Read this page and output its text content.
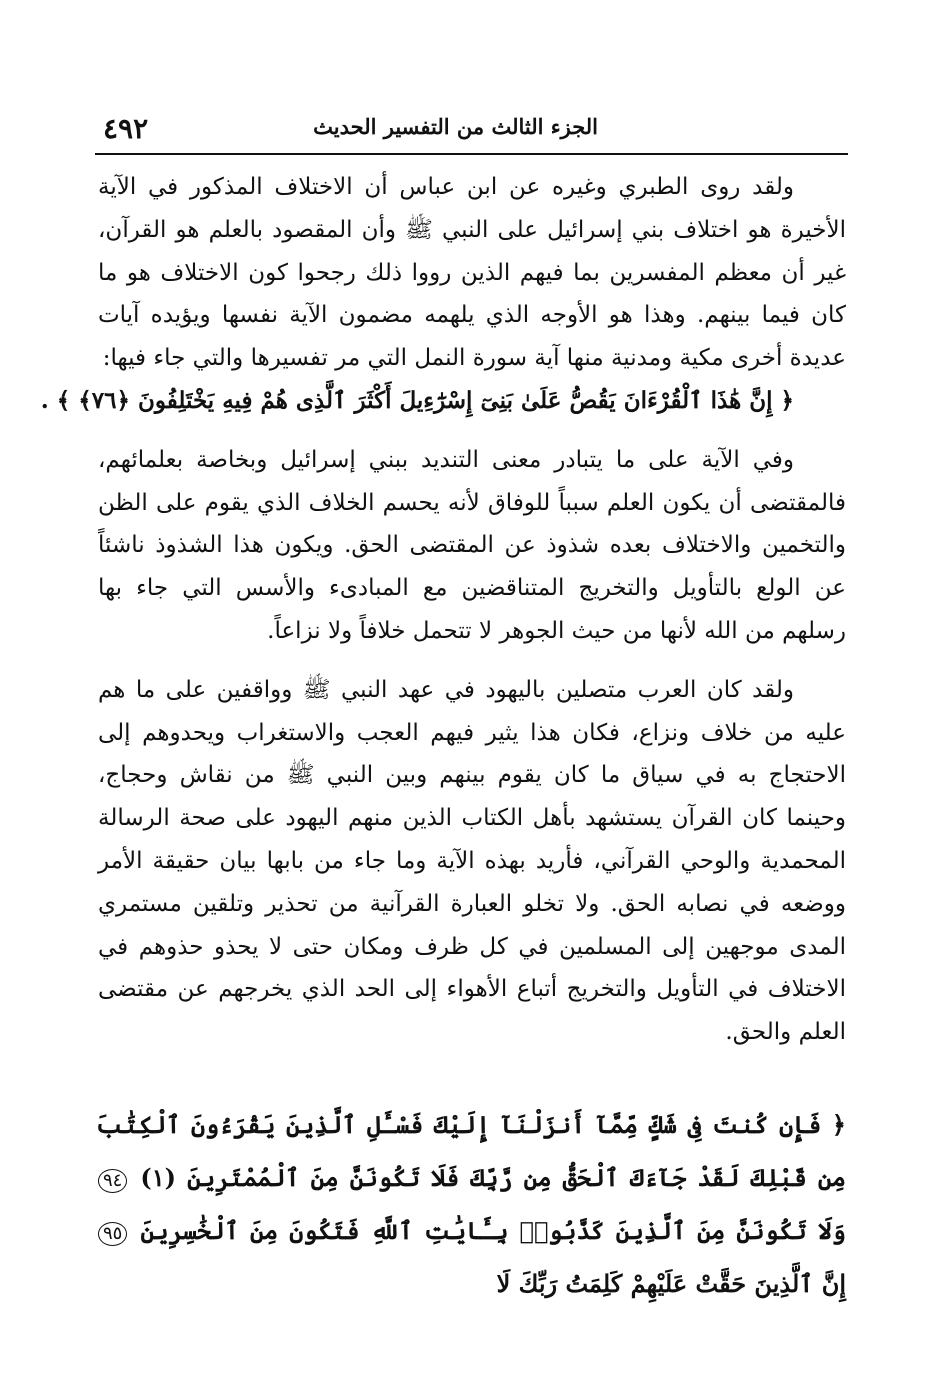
الجزء الثالث من التفسير الحديث
٤٩٢

ولقد روى الطبري وغيره عن ابن عباس أن الاختلاف المذكور في الآية الأخيرة هو اختلاف بني إسرائيل على النبي ﷺ وأن المقصود بالعلم هو القرآن، غير أن معظم المفسرين بما فيهم الذين رووا ذلك رجحوا كون الاختلاف هو ما كان فيما بينهم. وهذا هو الأوجه الذي يلهمه مضمون الآية نفسها ويؤيده آيات عديدة أخرى مكية ومدنية منها آية سورة النمل التي مر تفسيرها والتي جاء فيها:

﴿ إِنَّ هَٰذَا ٱلْقُرْءَانَ يَقُصُّ عَلَىٰ بَنِىٓ إِسْرَٰٓءِيلَ أَكْثَرَ ٱلَّذِى هُمْ فِيهِ يَخْتَلِفُونَ ﴿٧٦﴾ ﴾ .

وفي الآية على ما يتبادر معنى التنديد ببني إسرائيل وبخاصة بعلمائهم، فالمقتضى أن يكون العلم سبباً للوفاق لأنه يحسم الخلاف الذي يقوم على الظن والتخمين والاختلاف بعده شذوذ عن المقتضى الحق. ويكون هذا الشذوذ ناشئاً عن الولع بالتأويل والتخريج المتناقضين مع المبادىء والأسس التي جاء بها رسلهم من الله لأنها من حيث الجوهر لا تتحمل خلافاً ولا نزاعاً.

ولقد كان العرب متصلين باليهود في عهد النبي ﷺ وواقفين على ما هم عليه من خلاف ونزاع، فكان هذا يثير فيهم العجب والاستغراب ويحدوهم إلى الاحتجاج به في سياق ما كان يقوم بينهم وبين النبي ﷺ من نقاش وحجاج، وحينما كان القرآن يستشهد بأهل الكتاب الذين منهم اليهود على صحة الرسالة المحمدية والوحي القرآني، فأريد بهذه الآية وما جاء من بابها بيان حقيقة الأمر ووضعه في نصابه الحق. ولا تخلو العبارة القرآنية من تحذير وتلقين مستمري المدى موجهين إلى المسلمين في كل ظرف ومكان حتى لا يحذو حذوهم في الاختلاف في التأويل والتخريج أتباع الأهواء إلى الحد الذي يخرجهم عن مقتضى العلم والحق.

﴿ فَإِن كُنتَ فِى شَكٍّ مِّمَّآ أَنزَلْنَآ إِلَيْكَ فَسْـَٔلِ ٱلَّذِينَ يَقْرَءُونَ ٱلْكِتَٰبَ مِن قَبْلِكَ لَقَدْ جَآءَكَ ٱلْحَقُّ مِن رَّبِّكَ فَلَا تَكُونَنَّ مِنَ ٱلْمُمْتَرِينَ (١) ٩٤ وَلَا تَكُونَنَّ مِنَ ٱلَّذِينَ كَذَّبُوا۟ بِـَٔايَٰتِ ٱللَّهِ فَتَكُونَ مِنَ ٱلْخَٰسِرِينَ ٩٥ إِنَّ ٱلَّذِينَ حَقَّتْ عَلَيْهِمْ كَلِمَتُ رَبِّكَ لَا
